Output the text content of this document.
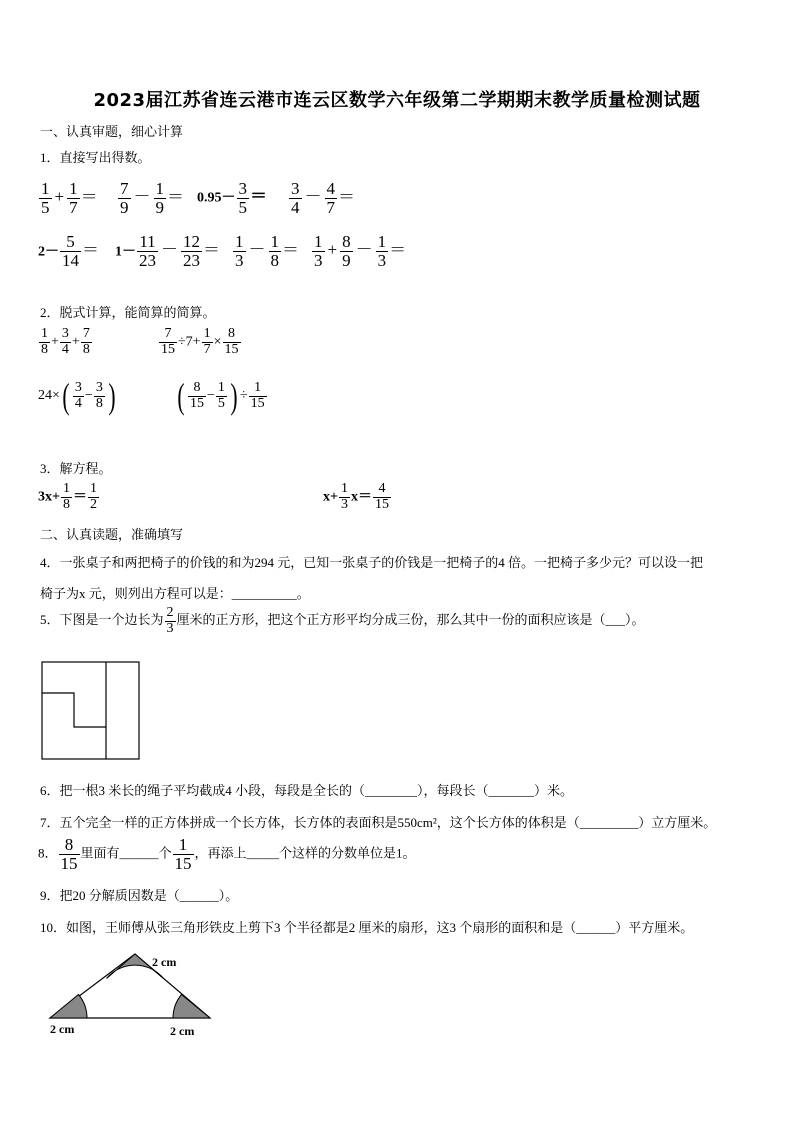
2023届江苏省连云港市连云区数学六年级第二学期期末教学质量检测试题
一、认真审题，细心计算
1．直接写出得数。
$\frac{1}{5} + \frac{1}{7} = \frac{7}{9} - \frac{1}{9} = 0.95- \frac{3}{5} = \frac{3}{4} - \frac{4}{7}$ ＝
$2- \frac{5}{14} = 1- \frac{11}{23} - \frac{12}{23} = \frac{1}{3} - \frac{1}{8} = \frac{1}{3} + \frac{8}{9} - \frac{1}{3}$ ＝
2．脱式计算，能简算的简算。
$\frac{1}{8} + \frac{3}{4} + \frac{7}{8}$	$\frac{7}{15} \div 7+ \frac{1}{7} \times \frac{8}{15}$
$24\times( \frac{3}{4} - \frac{3}{8}$ ) ( $\frac{8}{15} - \frac{1}{5}$ ) ÷ $\frac{1}{15}$
3．解方程。
$3x+ \frac{1}{8} = \frac{1}{2}$	$x+ \frac{1}{3} x= \frac{4}{15}$
二、认真读题，准确填写
4．一张桌子和两把椅子的价钱的和为294 元，已知一张桌子的价钱是一把椅子的4 倍。一把椅子多少元？可以设一把
椅子为x 元，则列出方程可以是：__________。
5．下图是一个边长为 $\frac{2}{3}$ 厘米的正方形，把这个正方形平均分成三份，那么其中一份的面积应该是（___）。
6．把一根3 米长的绳子平均截成4 小段，每段是全长的（________），每段长（_______）米。
7．五个完全一样的正方体拼成一个长方体，长方体的表面积是550cm²，这个长方体的体积是（_________）立方厘米。
8． $\frac{8}{15}$ 里面有______个 $\frac{1}{15}$ ，再添上_____个这样的分数单位是1。
9．把20 分解质因数是（______）。
10．如图，王师傅从张三角形铁皮上剪下3 个半径都是2 厘米的扇形，这3 个扇形的面积和是（______）平方厘米。
2 cm
2 cm	2 cm
